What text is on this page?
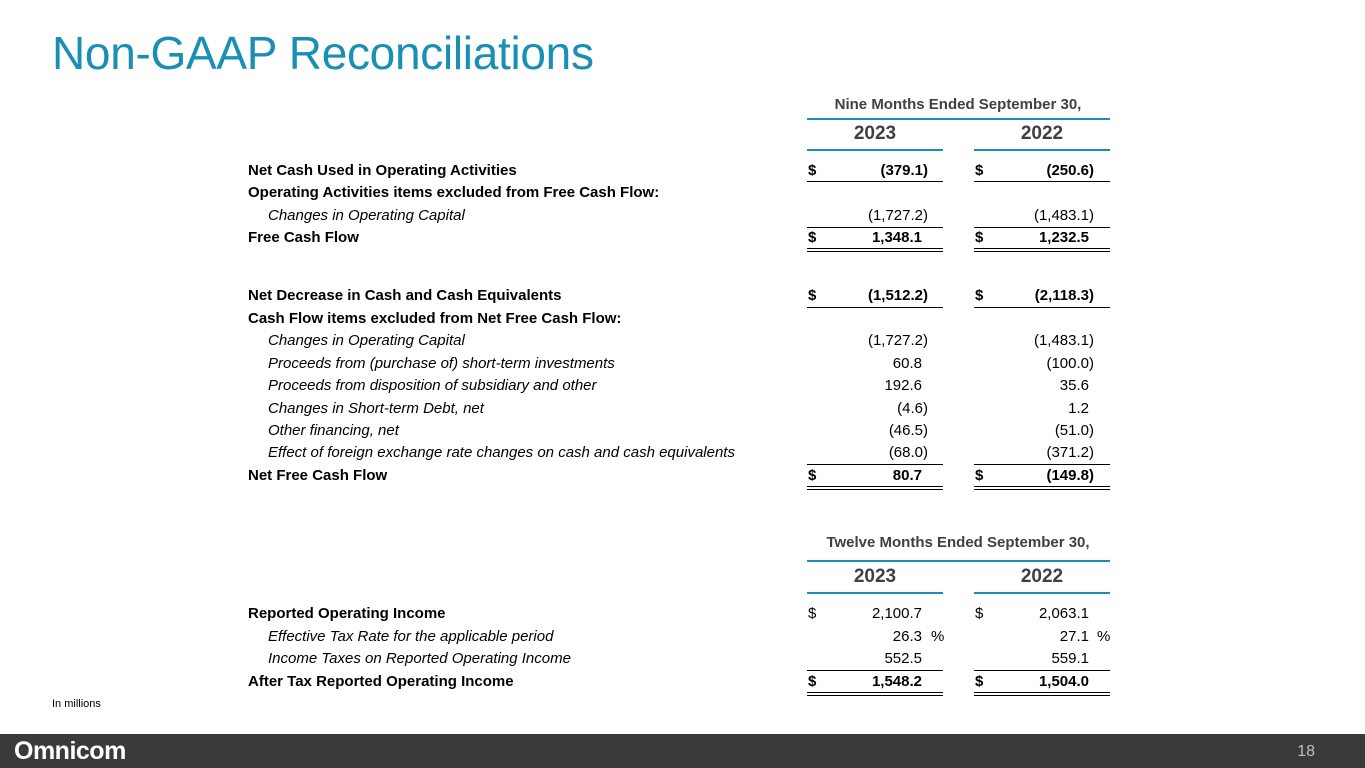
Non-GAAP Reconciliations
Nine Months Ended September 30,
2023	2022
Net Cash Used in Operating Activities	$	(379.1)	$	(250.6)
Operating Activities items excluded from Free Cash Flow:
Changes in Operating Capital	(1,727.2)	(1,483.1)
Free Cash Flow	$	1,348.1	$	1,232.5
Net Decrease in Cash and Cash Equivalents	$	(1,512.2)	$	(2,118.3)
Cash Flow items excluded from Net Free Cash Flow:
Changes in Operating Capital	(1,727.2)	(1,483.1)
Proceeds from (purchase of) short-term investments	60.8	(100.0)
Proceeds from disposition of subsidiary and other	192.6	35.6
Changes in Short-term Debt, net	(4.6)	1.2
Other financing, net	(46.5)	(51.0)
Effect of foreign exchange rate changes on cash and cash equivalents	(68.0)	(371.2)
Net Free Cash Flow	$	80.7	$	(149.8)
Twelve Months Ended September 30,
2023	2022
Reported Operating Income	$	2,100.7	$	2,063.1
Effective Tax Rate for the applicable period	26.3 %	27.1 %
Income Taxes on Reported Operating Income	552.5	559.1
After Tax Reported Operating Income	$	1,548.2	$	1,504.0
In millions
Omnicom	18
